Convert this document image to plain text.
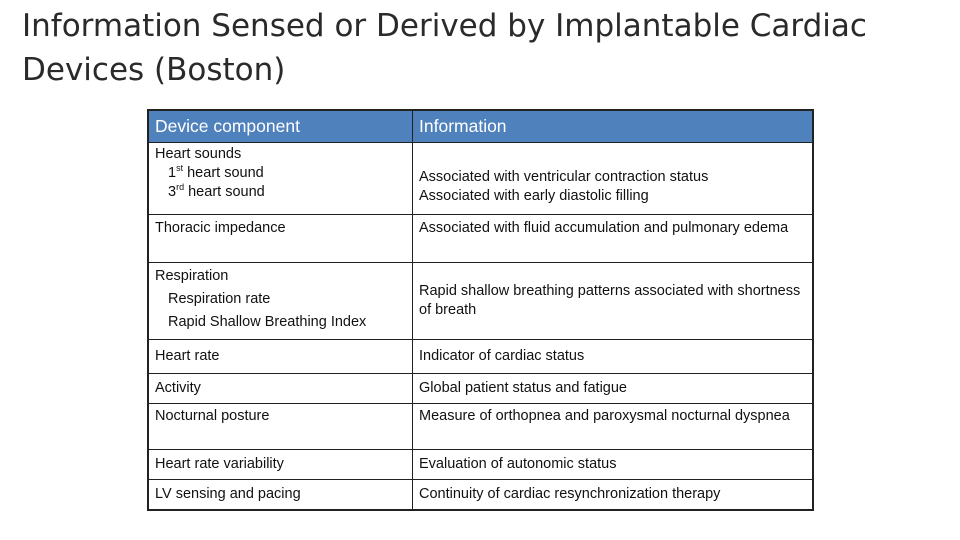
Information Sensed or Derived by Implantable Cardiac
Devices (Boston)
Device component	Information

Heart sounds
1st heart sound
3rd heart sound	Associated with ventricular contraction status
Associated with early diastolic filling

Thoracic impedance	Associated with fluid accumulation and pulmonary edema

Respiration
Respiration rate
Rapid Shallow Breathing Index	Rapid shallow breathing patterns associated with shortness of breath
Heart rate	Indicator of cardiac status
Activity	Global patient status and fatigue
Nocturnal posture	Measure of orthopnea and paroxysmal nocturnal dyspnea
Heart rate variability	Evaluation of autonomic status
LV sensing and pacing	Continuity of cardiac resynchronization therapy
